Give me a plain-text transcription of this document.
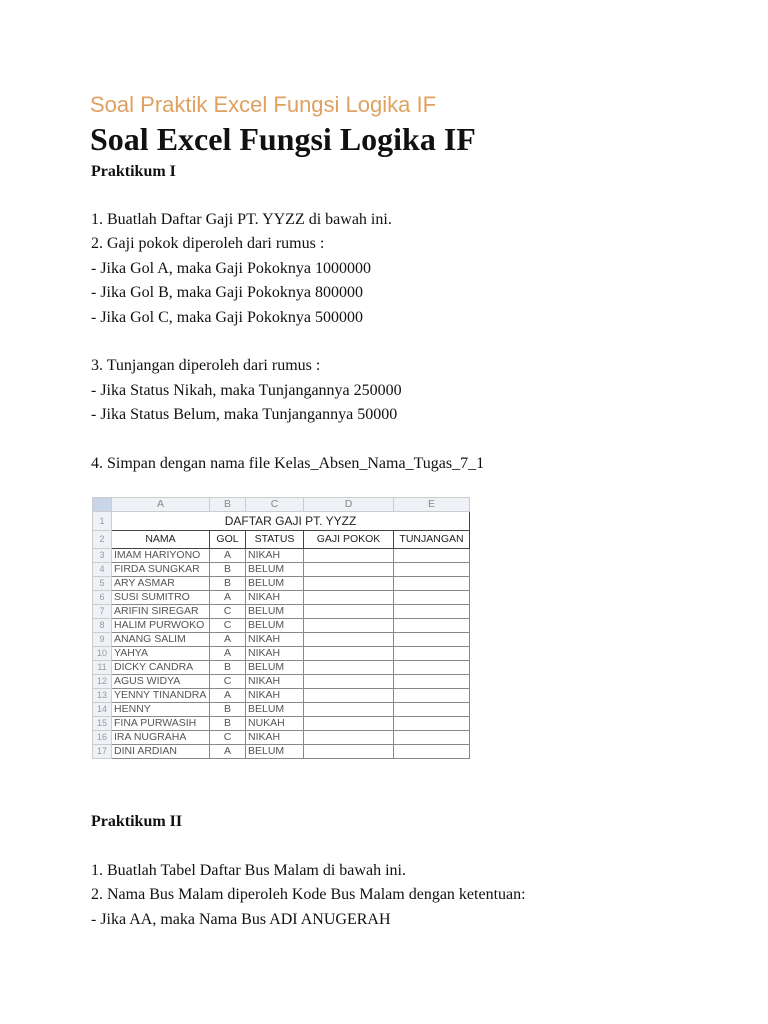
Soal Praktik Excel Fungsi Logika IF
Soal Excel Fungsi Logika IF
Praktikum I
1. Buatlah Daftar Gaji PT. YYZZ di bawah ini.
2. Gaji pokok diperoleh dari rumus :
- Jika Gol A, maka Gaji Pokoknya 1000000
- Jika Gol B, maka Gaji Pokoknya 800000
- Jika Gol C, maka Gaji Pokoknya 500000
3. Tunjangan diperoleh dari rumus :
- Jika Status Nikah, maka Tunjangannya 250000
- Jika Status Belum, maka Tunjangannya 50000
4. Simpan dengan nama file Kelas_Absen_Nama_Tugas_7_1
	A	B	C	D	E
1	DAFTAR GAJI PT. YYZZ				
2	NAMA	GOL	STATUS	GAJI POKOK	TUNJANGAN
3	IMAM HARIYONO	A	NIKAH		
4	FIRDA SUNGKAR	B	BELUM		
5	ARY ASMAR	B	BELUM		
6	SUSI SUMITRO	A	NIKAH		
7	ARIFIN SIREGAR	C	BELUM		
8	HALIM PURWOKO	C	BELUM		
9	ANANG SALIM	A	NIKAH		
10	YAHYA	A	NIKAH		
11	DICKY CANDRA	B	BELUM		
12	AGUS WIDYA	C	NIKAH		
13	YENNY TINANDRA	A	NIKAH		
14	HENNY	B	BELUM		
15	FINA PURWASIH	B	NUKAH		
16	IRA NUGRAHA	C	NIKAH		
17	DINI ARDIAN	A	BELUM		
Praktikum II
1. Buatlah Tabel Daftar Bus Malam di bawah ini.
2. Nama Bus Malam diperoleh Kode Bus Malam dengan ketentuan:
- Jika AA, maka Nama Bus ADI ANUGERAH
